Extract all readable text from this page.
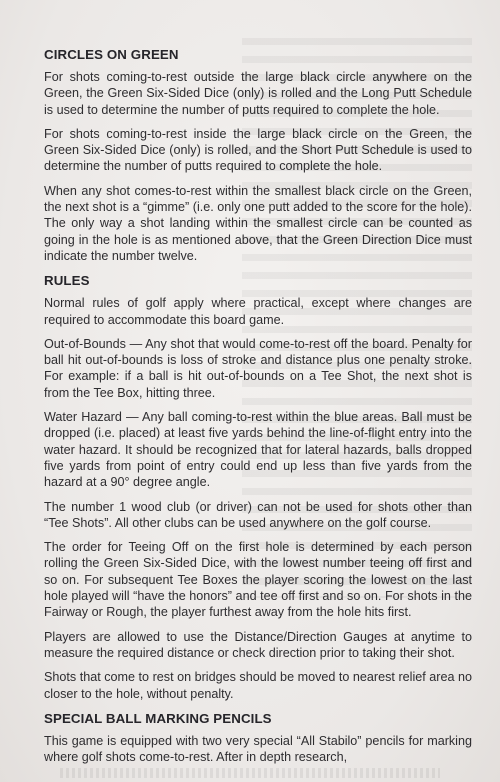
CIRCLES ON GREEN

For shots coming-to-rest outside the large black circle anywhere on the Green, the Green Six-Sided Dice (only) is rolled and the Long Putt Schedule is used to determine the number of putts required to complete the hole.

For shots coming-to-rest inside the large black circle on the Green, the Green Six-Sided Dice (only) is rolled, and the Short Putt Schedule is used to determine the number of putts required to complete the hole.

When any shot comes-to-rest within the smallest black circle on the Green, the next shot is a “gimme” (i.e. only one putt added to the score for the hole). The only way a shot landing within the smallest circle can be counted as going in the hole is as mentioned above, that the Green Direction Dice must indicate the number twelve.

RULES

Normal rules of golf apply where practical, except where changes are required to accommodate this board game.

Out-of-Bounds — Any shot that would come-to-rest off the board. Penalty for ball hit out-of-bounds is loss of stroke and distance plus one penalty stroke. For example: if a ball is hit out-of-bounds on a Tee Shot, the next shot is from the Tee Box, hitting three.

Water Hazard — Any ball coming-to-rest within the blue areas. Ball must be dropped (i.e. placed) at least five yards behind the line-of-flight entry into the water hazard. It should be recognized that for lateral hazards, balls dropped five yards from point of entry could end up less than five yards from the hazard at a 90° degree angle.

The number 1 wood club (or driver) can not be used for shots other than “Tee Shots”. All other clubs can be used anywhere on the golf course.

The order for Teeing Off on the first hole is determined by each person rolling the Green Six-Sided Dice, with the lowest number teeing off first and so on. For subsequent Tee Boxes the player scoring the lowest on the last hole played will “have the honors” and tee off first and so on. For shots in the Fairway or Rough, the player furthest away from the hole hits first.

Players are allowed to use the Distance/Direction Gauges at anytime to measure the required distance or check direction prior to taking their shot.

Shots that come to rest on bridges should be moved to nearest relief area no closer to the hole, without penalty.

SPECIAL BALL MARKING PENCILS

This game is equipped with two very special “All Stabilo” pencils for marking where golf shots come-to-rest. After in depth research,
